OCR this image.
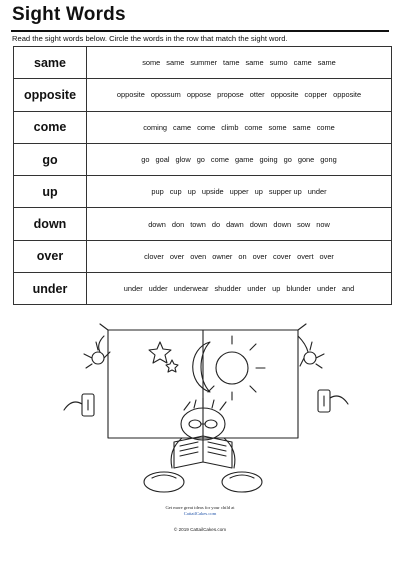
Sight Words
Read the sight words below. Circle the words in the row that match the sight word.
same	some same summer tame same sumo came same
opposite	opposite opossum oppose propose otter opposite copper opposite
come	coming came come climb come some same come
go	go goal glow go come game going go gone gong
up	pup cup up upside upper up supper up under
down	down don town do dawn down down sow now
over	clover over oven owner on over cover overt over
under	under udder underwear shudder under up blunder under and
Get more great ideas for your child at
CattailCakes.com
© 2019 CattailCakes.com
